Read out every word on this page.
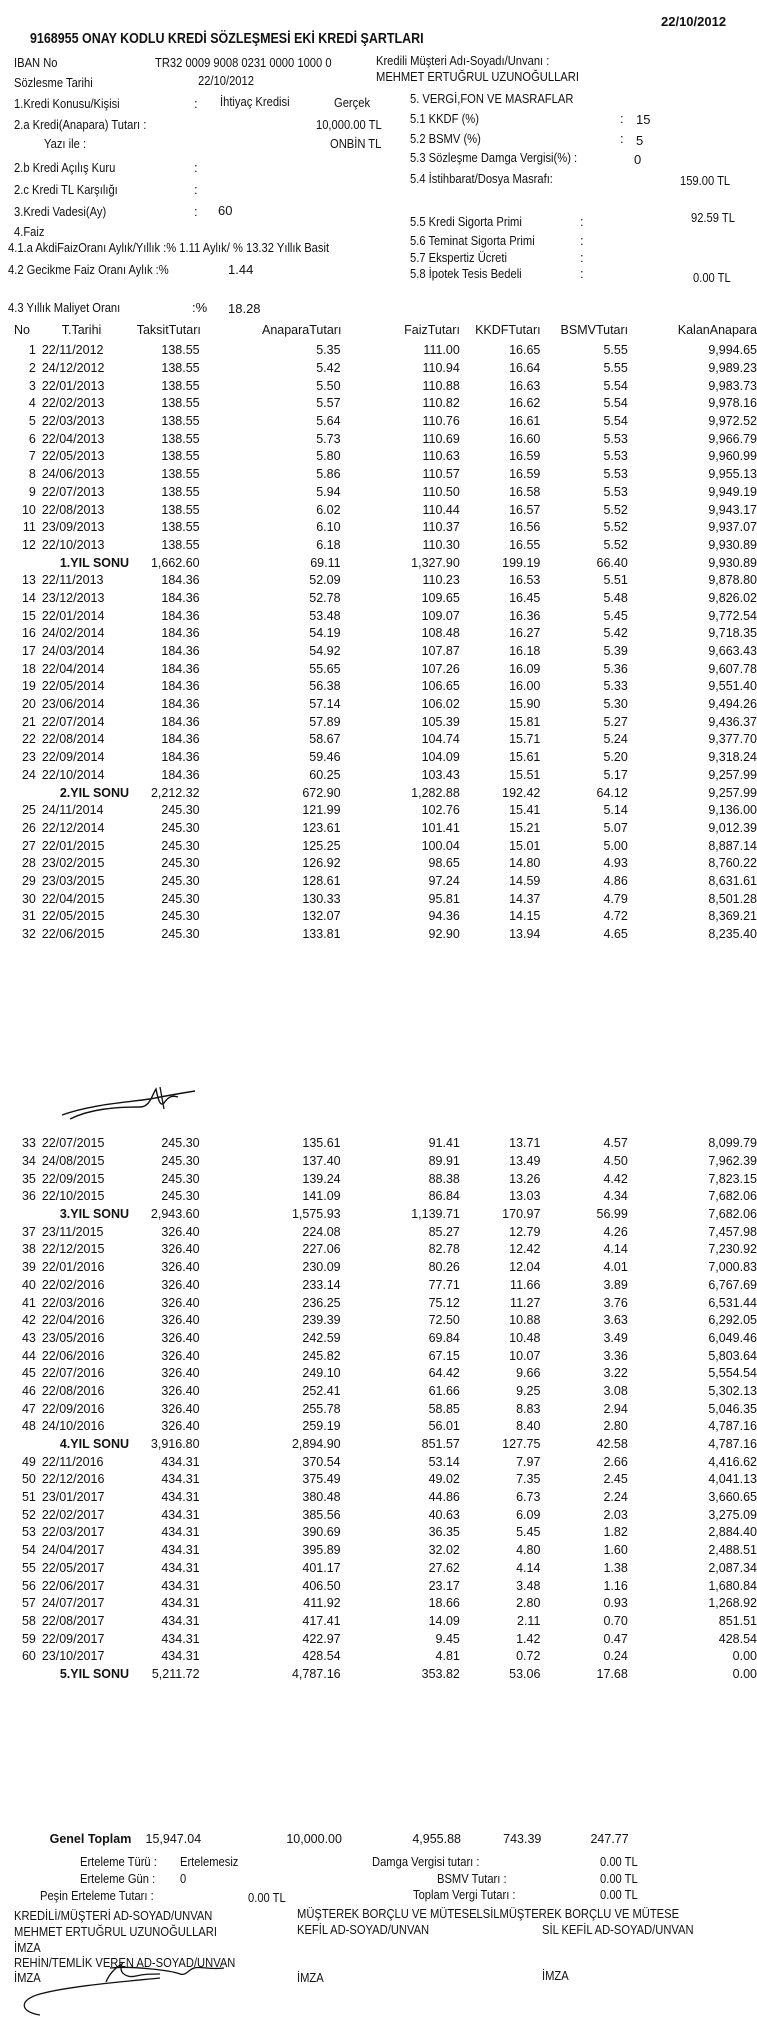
22/10/2012
9168955 ONAY KODLU KREDİ SÖZLEŞMESİ EKİ KREDİ ŞARTLARI
IBAN No	TR32 0009 9008 0231 0000 1000 0
Sözlesme Tarihi	22/10/2012
1.Kredi Konusu/Kişisi	: İhtiyaç Kredisi	Gerçek
2.a Kredi(Anapara) Tutarı :	10,000.00 TL
Yazı ile :	ONBİN TL
2.b Kredi Açılış Kuru	:
2.c Kredi TL Karşılığı	:
3.Kredi Vadesi(Ay)	: 60
4.Faiz
4.1.a AkdiFaizOranı Aylık/Yıllık :% 1.11 Aylık/ % 13.32 Yıllık Basit
4.2 Gecikme Faiz Oranı Aylık :%	1.44
4.3 Yıllık Maliyet Oranı	:% 18.28
Kredili Müşteri Adı-Soyadı/Unvanı :
MEHMET ERTUĞRUL UZUNOĞULLARI
5. VERGİ,FON VE MASRAFLAR
5.1 KKDF (%)	: 15
5.2 BSMV (%)	: 5
5.3 Sözleşme Damga Vergisi(%) :	0
5.4 İstihbarat/Dosya Masrafı:	159.00 TL
5.5 Kredi Sigorta Primi	:	92.59 TL
5.6 Teminat Sigorta Primi	:
5.7 Ekspertiz Ücreti	:
5.8 İpotek Tesis Bedeli	:	0.00 TL
No	T.Tarihi	TaksitTutarı	AnaparaTutarı	FaizTutarı	KKDFTutarı	BSMVTutarı	KalanAnapara
1	22/11/2012	138.55	5.35	111.00	16.65	5.55	9,994.65
2	24/12/2012	138.55	5.42	110.94	16.64	5.55	9,989.23
3	22/01/2013	138.55	5.50	110.88	16.63	5.54	9,983.73
4	22/02/2013	138.55	5.57	110.82	16.62	5.54	9,978.16
5	22/03/2013	138.55	5.64	110.76	16.61	5.54	9,972.52
6	22/04/2013	138.55	5.73	110.69	16.60	5.53	9,966.79
7	22/05/2013	138.55	5.80	110.63	16.59	5.53	9,960.99
8	24/06/2013	138.55	5.86	110.57	16.59	5.53	9,955.13
9	22/07/2013	138.55	5.94	110.50	16.58	5.53	9,949.19
10	22/08/2013	138.55	6.02	110.44	16.57	5.52	9,943.17
11	23/09/2013	138.55	6.10	110.37	16.56	5.52	9,937.07
12	22/10/2013	138.55	6.18	110.30	16.55	5.52	9,930.89
	1.YIL SONU	1,662.60	69.11	1,327.90	199.19	66.40	9,930.89
13	22/11/2013	184.36	52.09	110.23	16.53	5.51	9,878.80
14	23/12/2013	184.36	52.78	109.65	16.45	5.48	9,826.02
15	22/01/2014	184.36	53.48	109.07	16.36	5.45	9,772.54
16	24/02/2014	184.36	54.19	108.48	16.27	5.42	9,718.35
17	24/03/2014	184.36	54.92	107.87	16.18	5.39	9,663.43
18	22/04/2014	184.36	55.65	107.26	16.09	5.36	9,607.78
19	22/05/2014	184.36	56.38	106.65	16.00	5.33	9,551.40
20	23/06/2014	184.36	57.14	106.02	15.90	5.30	9,494.26
21	22/07/2014	184.36	57.89	105.39	15.81	5.27	9,436.37
22	22/08/2014	184.36	58.67	104.74	15.71	5.24	9,377.70
23	22/09/2014	184.36	59.46	104.09	15.61	5.20	9,318.24
24	22/10/2014	184.36	60.25	103.43	15.51	5.17	9,257.99
	2.YIL SONU	2,212.32	672.90	1,282.88	192.42	64.12	9,257.99
25	24/11/2014	245.30	121.99	102.76	15.41	5.14	9,136.00
26	22/12/2014	245.30	123.61	101.41	15.21	5.07	9,012.39
27	22/01/2015	245.30	125.25	100.04	15.01	5.00	8,887.14
28	23/02/2015	245.30	126.92	98.65	14.80	4.93	8,760.22
29	23/03/2015	245.30	128.61	97.24	14.59	4.86	8,631.61
30	22/04/2015	245.30	130.33	95.81	14.37	4.79	8,501.28
31	22/05/2015	245.30	132.07	94.36	14.15	4.72	8,369.21
32	22/06/2015	245.30	133.81	92.90	13.94	4.65	8,235.40
33	22/07/2015	245.30	135.61	91.41	13.71	4.57	8,099.79
34	24/08/2015	245.30	137.40	89.91	13.49	4.50	7,962.39
35	22/09/2015	245.30	139.24	88.38	13.26	4.42	7,823.15
36	22/10/2015	245.30	141.09	86.84	13.03	4.34	7,682.06
	3.YIL SONU	2,943.60	1,575.93	1,139.71	170.97	56.99	7,682.06
37	23/11/2015	326.40	224.08	85.27	12.79	4.26	7,457.98
38	22/12/2015	326.40	227.06	82.78	12.42	4.14	7,230.92
39	22/01/2016	326.40	230.09	80.26	12.04	4.01	7,000.83
40	22/02/2016	326.40	233.14	77.71	11.66	3.89	6,767.69
41	22/03/2016	326.40	236.25	75.12	11.27	3.76	6,531.44
42	22/04/2016	326.40	239.39	72.50	10.88	3.63	6,292.05
43	23/05/2016	326.40	242.59	69.84	10.48	3.49	6,049.46
44	22/06/2016	326.40	245.82	67.15	10.07	3.36	5,803.64
45	22/07/2016	326.40	249.10	64.42	9.66	3.22	5,554.54
46	22/08/2016	326.40	252.41	61.66	9.25	3.08	5,302.13
47	22/09/2016	326.40	255.78	58.85	8.83	2.94	5,046.35
48	24/10/2016	326.40	259.19	56.01	8.40	2.80	4,787.16
	4.YIL SONU	3,916.80	2,894.90	851.57	127.75	42.58	4,787.16
49	22/11/2016	434.31	370.54	53.14	7.97	2.66	4,416.62
50	22/12/2016	434.31	375.49	49.02	7.35	2.45	4,041.13
51	23/01/2017	434.31	380.48	44.86	6.73	2.24	3,660.65
52	22/02/2017	434.31	385.56	40.63	6.09	2.03	3,275.09
53	22/03/2017	434.31	390.69	36.35	5.45	1.82	2,884.40
54	24/04/2017	434.31	395.89	32.02	4.80	1.60	2,488.51
55	22/05/2017	434.31	401.17	27.62	4.14	1.38	2,087.34
56	22/06/2017	434.31	406.50	23.17	3.48	1.16	1,680.84
57	24/07/2017	434.31	411.92	18.66	2.80	0.93	1,268.92
58	22/08/2017	434.31	417.41	14.09	2.11	0.70	851.51
59	22/09/2017	434.31	422.97	9.45	1.42	0.47	428.54
60	23/10/2017	434.31	428.54	4.81	0.72	0.24	0.00
	5.YIL SONU	5,211.72	4,787.16	353.82	53.06	17.68	0.00
	Genel Toplam	15,947.04	10,000.00	4,955.88	743.39	247.77	
Erteleme Türü : Ertelemesiz
Erteleme Gün : 0
Peşin Erteleme Tutarı :	0.00 TL
Damga Vergisi tutarı :	0.00 TL
BSMV Tutarı :	0.00 TL
Toplam Vergi Tutarı :	0.00 TL
KREDİLİ/MÜŞTERİ AD-SOYAD/UNVAN
MEHMET ERTUĞRUL UZUNOĞULLARI
İMZA
REHİN/TEMLİK VEREN AD-SOYAD/UNVAN
İMZA
MÜŞTEREK BORÇLU VE MÜTESELSİLMÜŞTEREK BORÇLU VE MÜTESE
KEFİL AD-SOYAD/UNVAN	SİL KEFİL AD-SOYAD/UNVAN
İMZA	İMZA
